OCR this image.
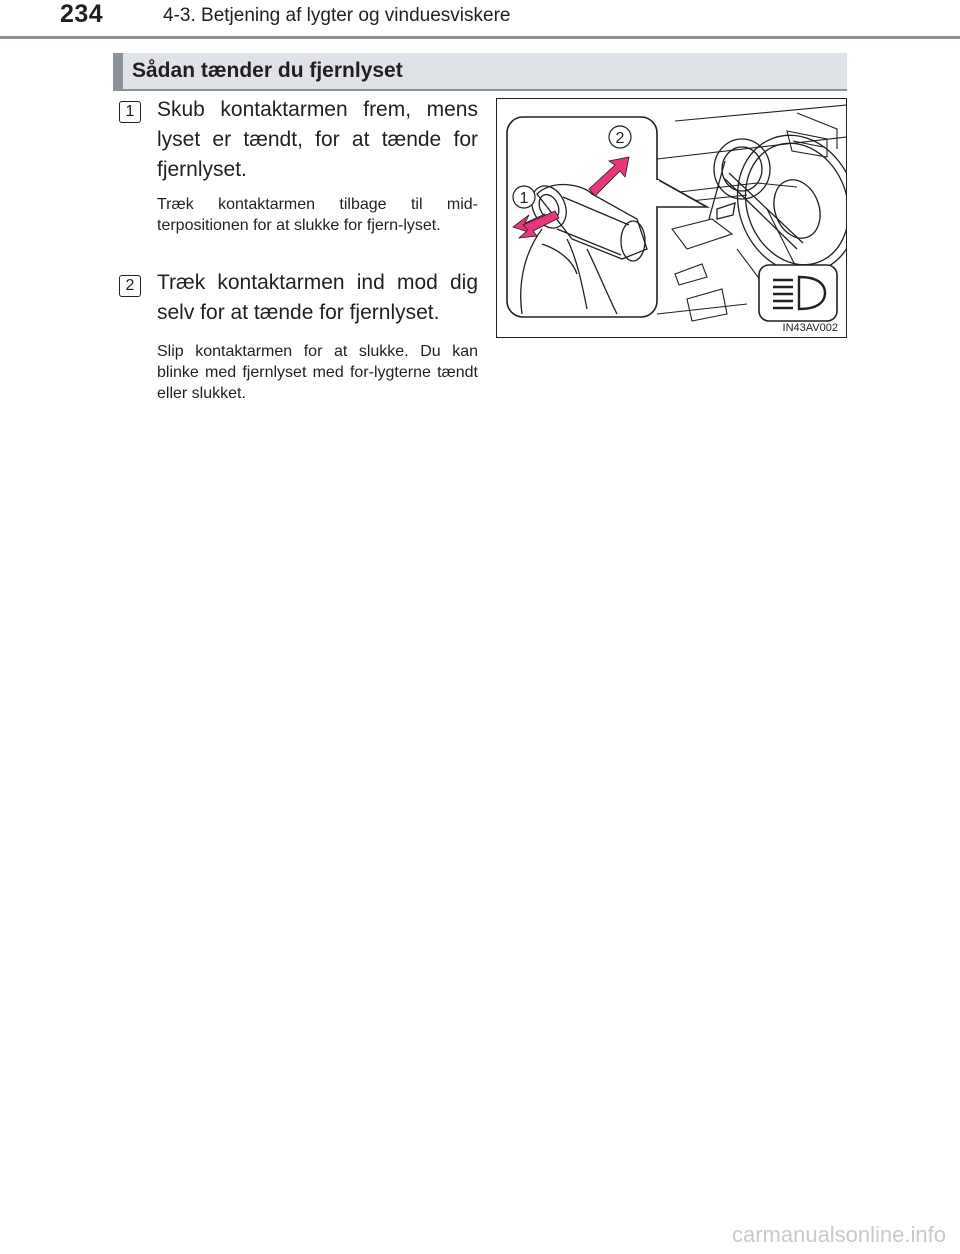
234	4-3. Betjening af lygter og vinduesviskere
Sådan tænder du fjernlyset
1	Skub kontaktarmen frem, mens lyset er tændt, for at tænde for fjernlyset.
Træk kontaktarmen tilbage til mid-terpositionen for at slukke for fjern-lyset.
2	Træk kontaktarmen ind mod dig selv for at tænde for fjernlyset.
Slip kontaktarmen for at slukke. Du kan blinke med fjernlyset med for-lygterne tændt eller slukket.
2
1
IN43AV002
carmanualsonline.info
